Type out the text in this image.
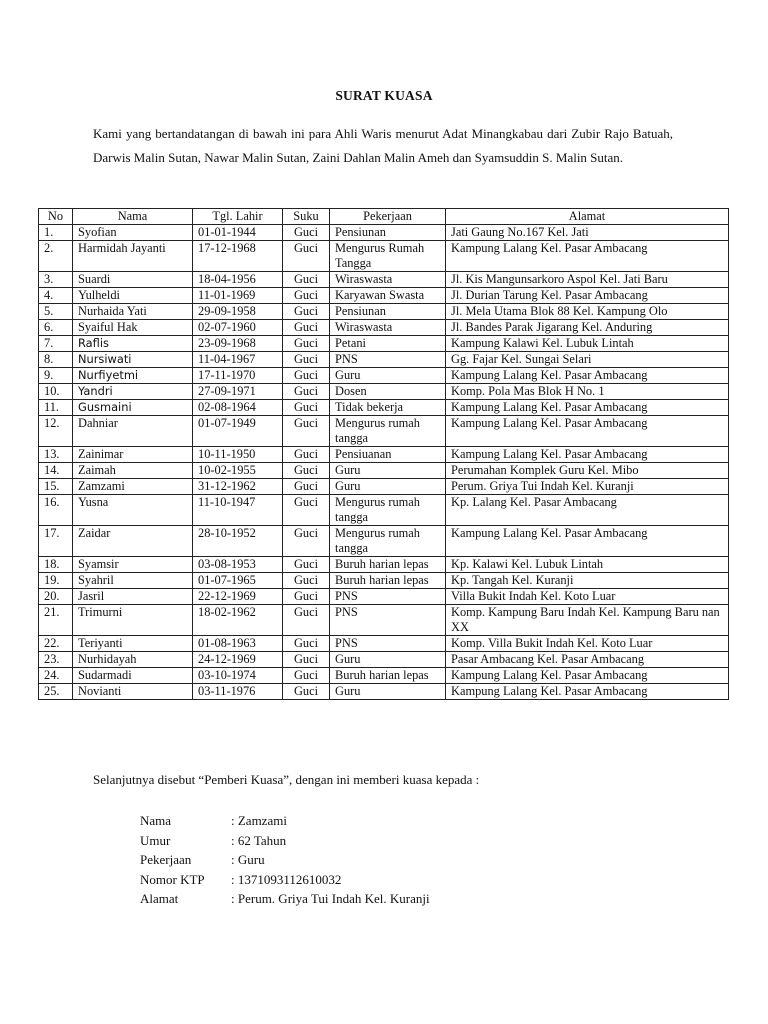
SURAT KUASA
Kami yang bertandatangan di bawah ini para Ahli Waris menurut Adat Minangkabau dari Zubir Rajo Batuah, Darwis Malin Sutan, Nawar Malin Sutan, Zaini Dahlan Malin Ameh dan Syamsuddin S. Malin Sutan.
No	Nama	Tgl. Lahir	Suku	Pekerjaan	Alamat
1.	Syofian	01-01-1944	Guci	Pensiunan	Jati Gaung No.167 Kel. Jati
2.	Harmidah Jayanti	17-12-1968	Guci	Mengurus Rumah Tangga	Kampung Lalang Kel. Pasar Ambacang
3.	Suardi	18-04-1956	Guci	Wiraswasta	Jl. Kis Mangunsarkoro Aspol Kel. Jati Baru
4.	Yulheldi	11-01-1969	Guci	Karyawan Swasta	Jl. Durian Tarung Kel. Pasar Ambacang
5.	Nurhaida Yati	29-09-1958	Guci	Pensiunan	Jl. Mela Utama Blok 88 Kel. Kampung Olo
6.	Syaiful Hak	02-07-1960	Guci	Wiraswasta	Jl. Bandes Parak Jigarang Kel. Anduring
7.	Raflis	23-09-1968	Guci	Petani	Kampung Kalawi Kel. Lubuk Lintah
8.	Nursiwati	11-04-1967	Guci	PNS	Gg. Fajar Kel. Sungai Selari
9.	Nurfiyetmi	17-11-1970	Guci	Guru	Kampung Lalang Kel. Pasar Ambacang
10.	Yandri	27-09-1971	Guci	Dosen	Komp. Pola Mas Blok H No. 1
11.	Gusmaini	02-08-1964	Guci	Tidak bekerja	Kampung Lalang Kel. Pasar Ambacang
12.	Dahniar	01-07-1949	Guci	Mengurus rumah tangga	Kampung Lalang Kel. Pasar Ambacang
13.	Zainimar	10-11-1950	Guci	Pensiuanan	Kampung Lalang Kel. Pasar Ambacang
14.	Zaimah	10-02-1955	Guci	Guru	Perumahan Komplek Guru Kel. Mibo
15.	Zamzami	31-12-1962	Guci	Guru	Perum. Griya Tui Indah Kel. Kuranji
16.	Yusna	11-10-1947	Guci	Mengurus rumah tangga	Kp. Lalang Kel. Pasar Ambacang
17.	Zaidar	28-10-1952	Guci	Mengurus rumah tangga	Kampung Lalang Kel. Pasar Ambacang
18.	Syamsir	03-08-1953	Guci	Buruh harian lepas	Kp. Kalawi Kel. Lubuk Lintah
19.	Syahril	01-07-1965	Guci	Buruh harian lepas	Kp. Tangah Kel. Kuranji
20.	Jasril	22-12-1969	Guci	PNS	Villa Bukit Indah Kel. Koto Luar
21.	Trimurni	18-02-1962	Guci	PNS	Komp. Kampung Baru Indah Kel. Kampung Baru nan XX
22.	Teriyanti	01-08-1963	Guci	PNS	Komp. Villa Bukit Indah Kel. Koto Luar
23.	Nurhidayah	24-12-1969	Guci	Guru	Pasar Ambacang Kel. Pasar Ambacang
24.	Sudarmadi	03-10-1974	Guci	Buruh harian lepas	Kampung Lalang Kel. Pasar Ambacang
25.	Novianti	03-11-1976	Guci	Guru	Kampung Lalang Kel. Pasar Ambacang
Selanjutnya disebut “Pemberi Kuasa”, dengan ini memberi kuasa kepada :
Nama	: Zamzami
Umur	: 62 Tahun
Pekerjaan	: Guru
Nomor KTP : 1371093112610032
Alamat	: Perum. Griya Tui Indah Kel. Kuranji
